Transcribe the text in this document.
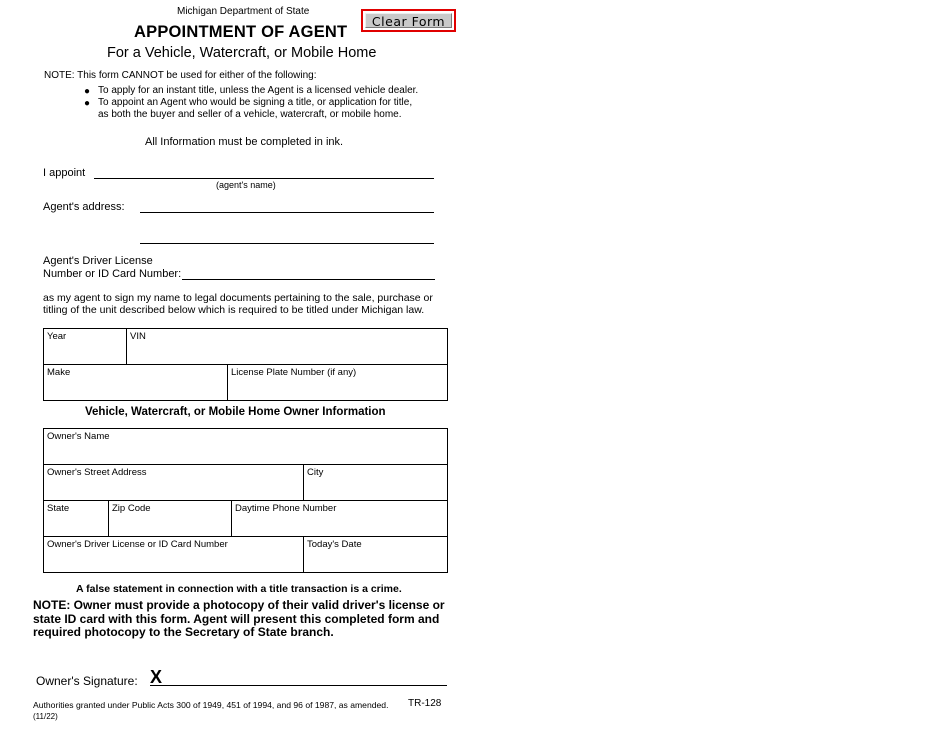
Michigan Department of State
APPOINTMENT OF AGENT
For a Vehicle, Watercraft, or Mobile Home
Clear Form
NOTE: This form CANNOT be used for either of the following:
● To apply for an instant title, unless the Agent is a licensed vehicle dealer.
● To appoint an Agent who would be signing a title, or application for title,
as both the buyer and seller of a vehicle, watercraft, or mobile home.
All Information must be completed in ink.
I appoint
(agent's name)
Agent's address:
Agent's Driver License
Number or ID Card Number:
as my agent to sign my name to legal documents pertaining to the sale, purchase or
titling of the unit described below which is required to be titled under Michigan law.
Year	VIN
Make	License Plate Number (if any)
Vehicle, Watercraft, or Mobile Home Owner Information
Owner's Name
Owner's Street Address	City
State	Zip Code	Daytime Phone Number
Owner's Driver License or ID Card Number	Today's Date
A false statement in connection with a title transaction is a crime.
NOTE: Owner must provide a photocopy of their valid driver's license or state ID card with this form. Agent will present this completed form and required photocopy to the Secretary of State branch.
Owner's Signature: X
Authorities granted under Public Acts 300 of 1949, 451 of 1994, and 96 of 1987, as amended. TR-128
(11/22)
